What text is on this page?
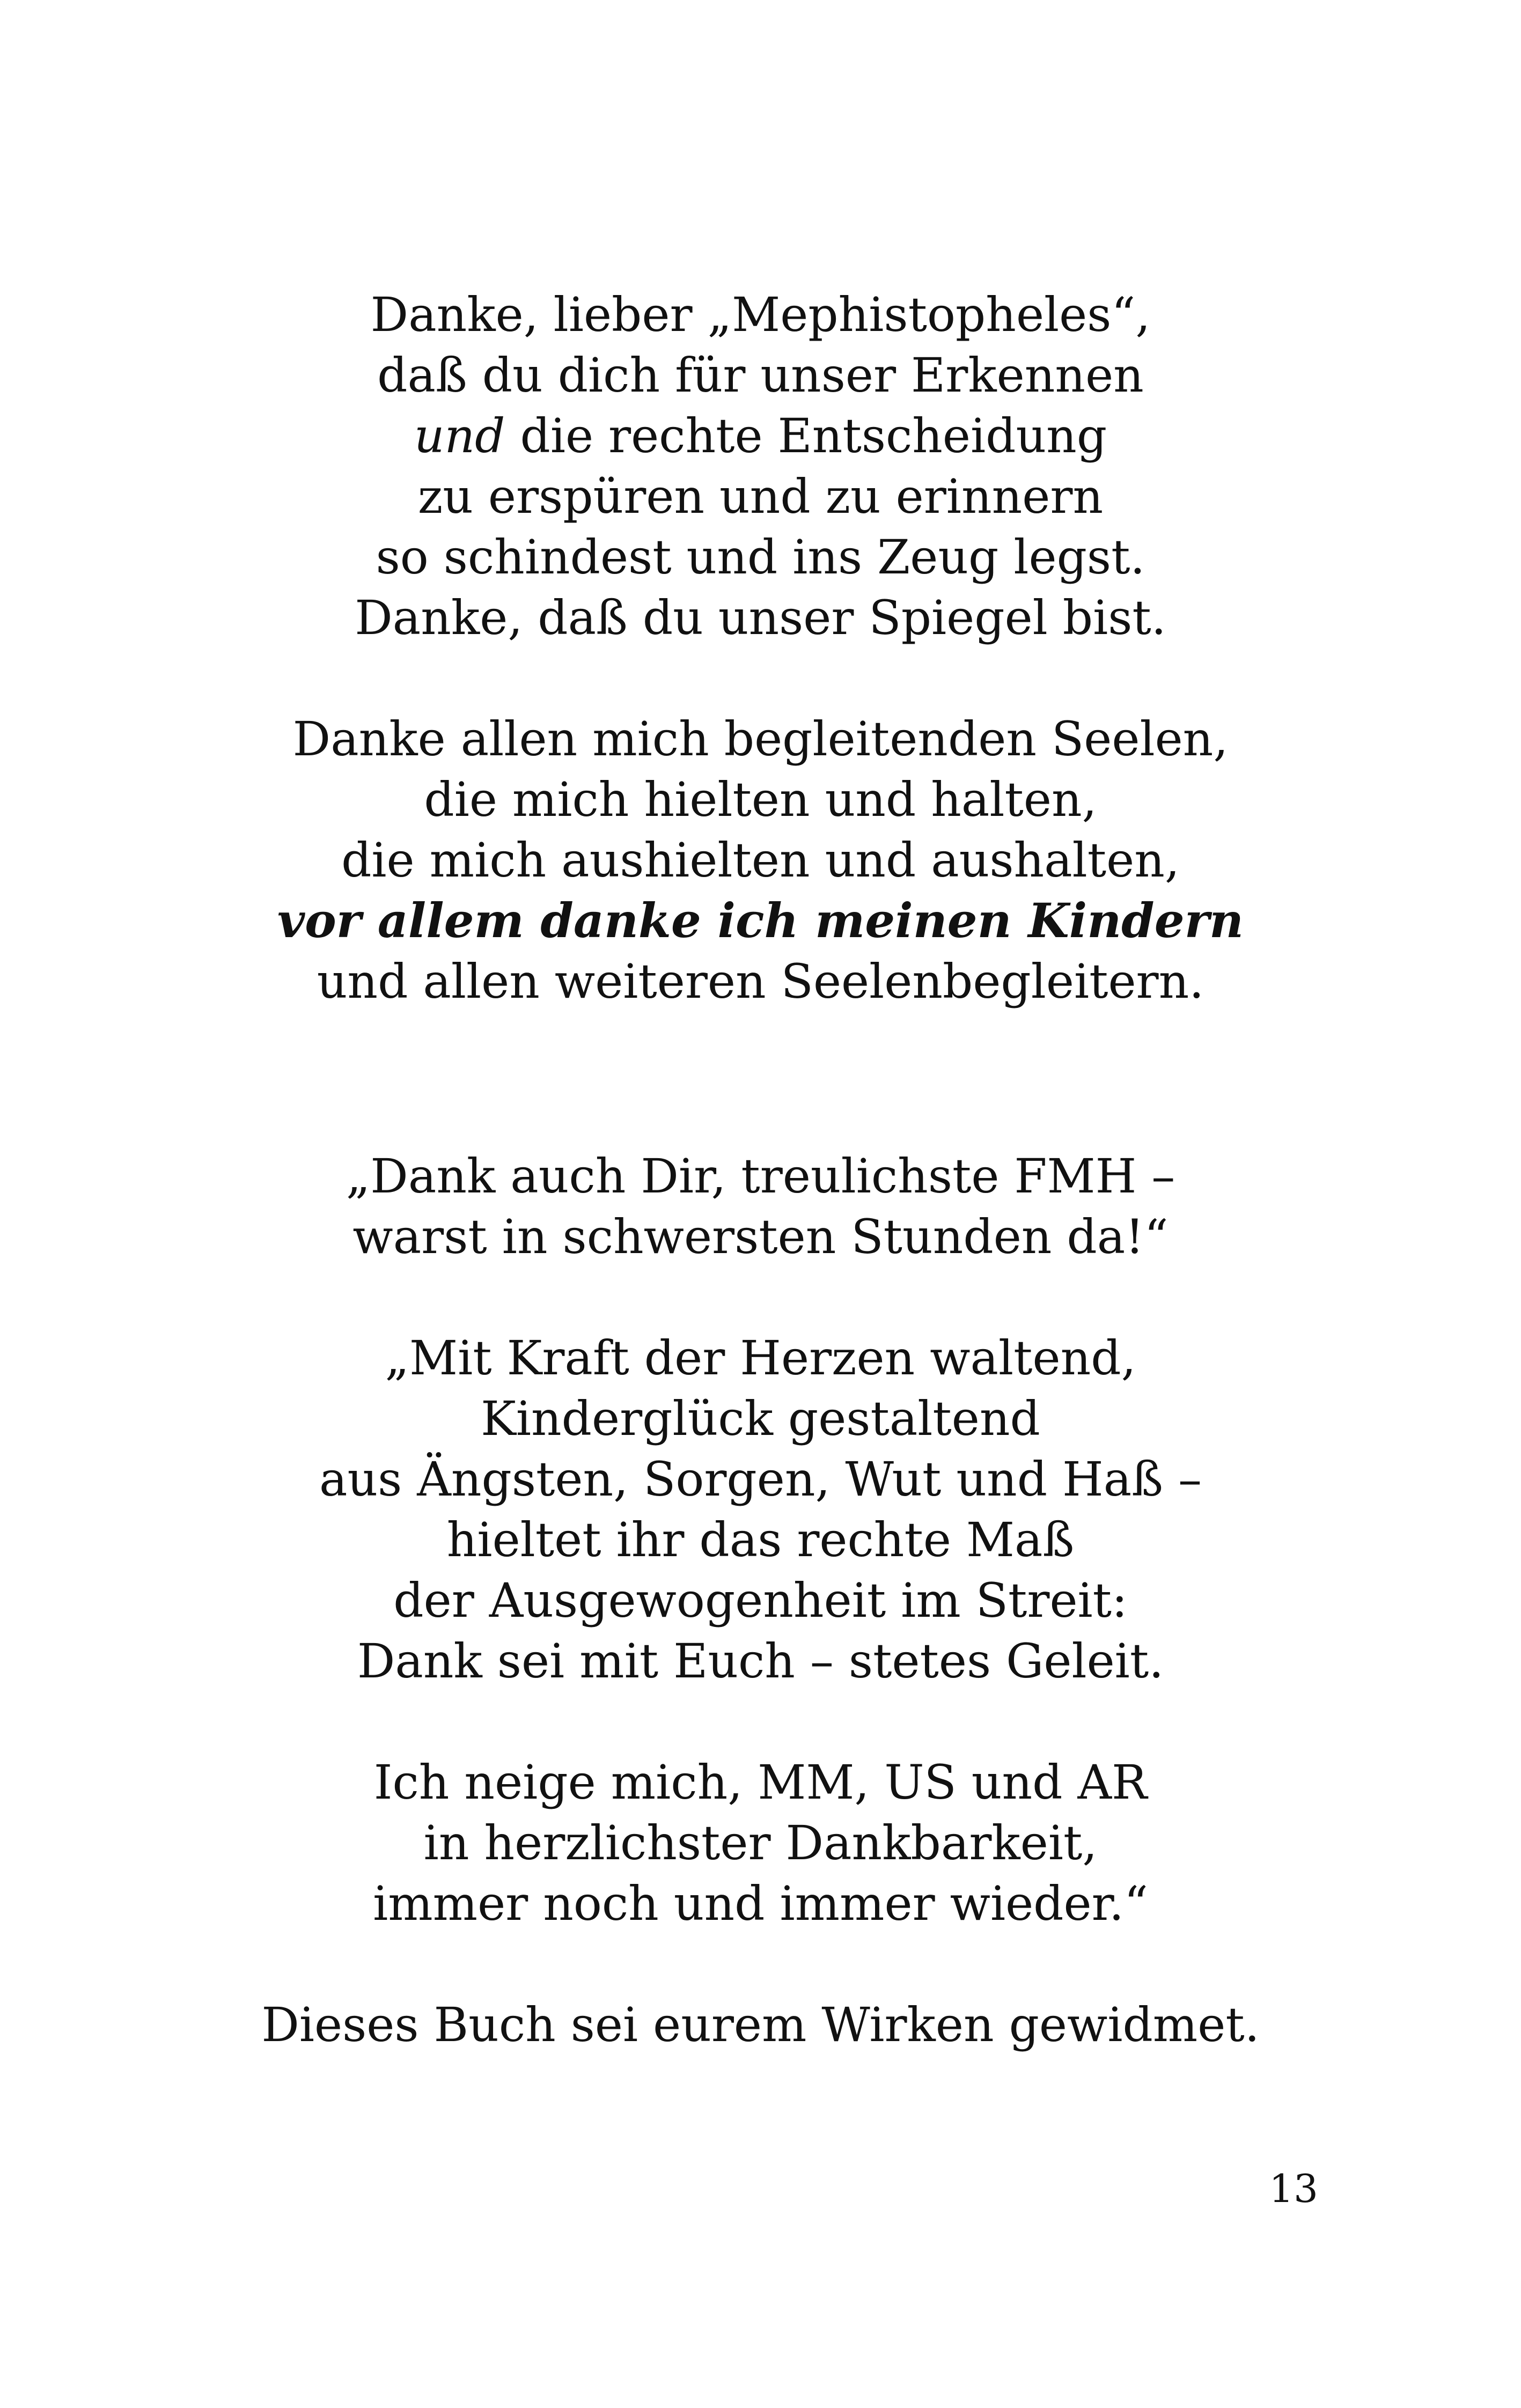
Danke, lieber „Mephistopheles“,
daß du dich für unser Erkennen
und die rechte Entscheidung
zu erspüren und zu erinnern
so schindest und ins Zeug legst.
Danke, daß du unser Spiegel bist.
Danke allen mich begleitenden Seelen,
die mich hielten und halten,
die mich aushielten und aushalten,
vor allem danke ich meinen Kindern
und allen weiteren Seelenbegleitern.
„Dank auch Dir, treulichste FMH –
warst in schwersten Stunden da!“
„Mit Kraft der Herzen waltend,
Kinderglück gestaltend
aus Ängsten, Sorgen, Wut und Haß –
hieltet ihr das rechte Maß
der Ausgewogenheit im Streit:
Dank sei mit Euch – stetes Geleit.
Ich neige mich, MM, US und AR
in herzlichster Dankbarkeit,
immer noch und immer wieder.“
Dieses Buch sei eurem Wirken gewidmet.
13
